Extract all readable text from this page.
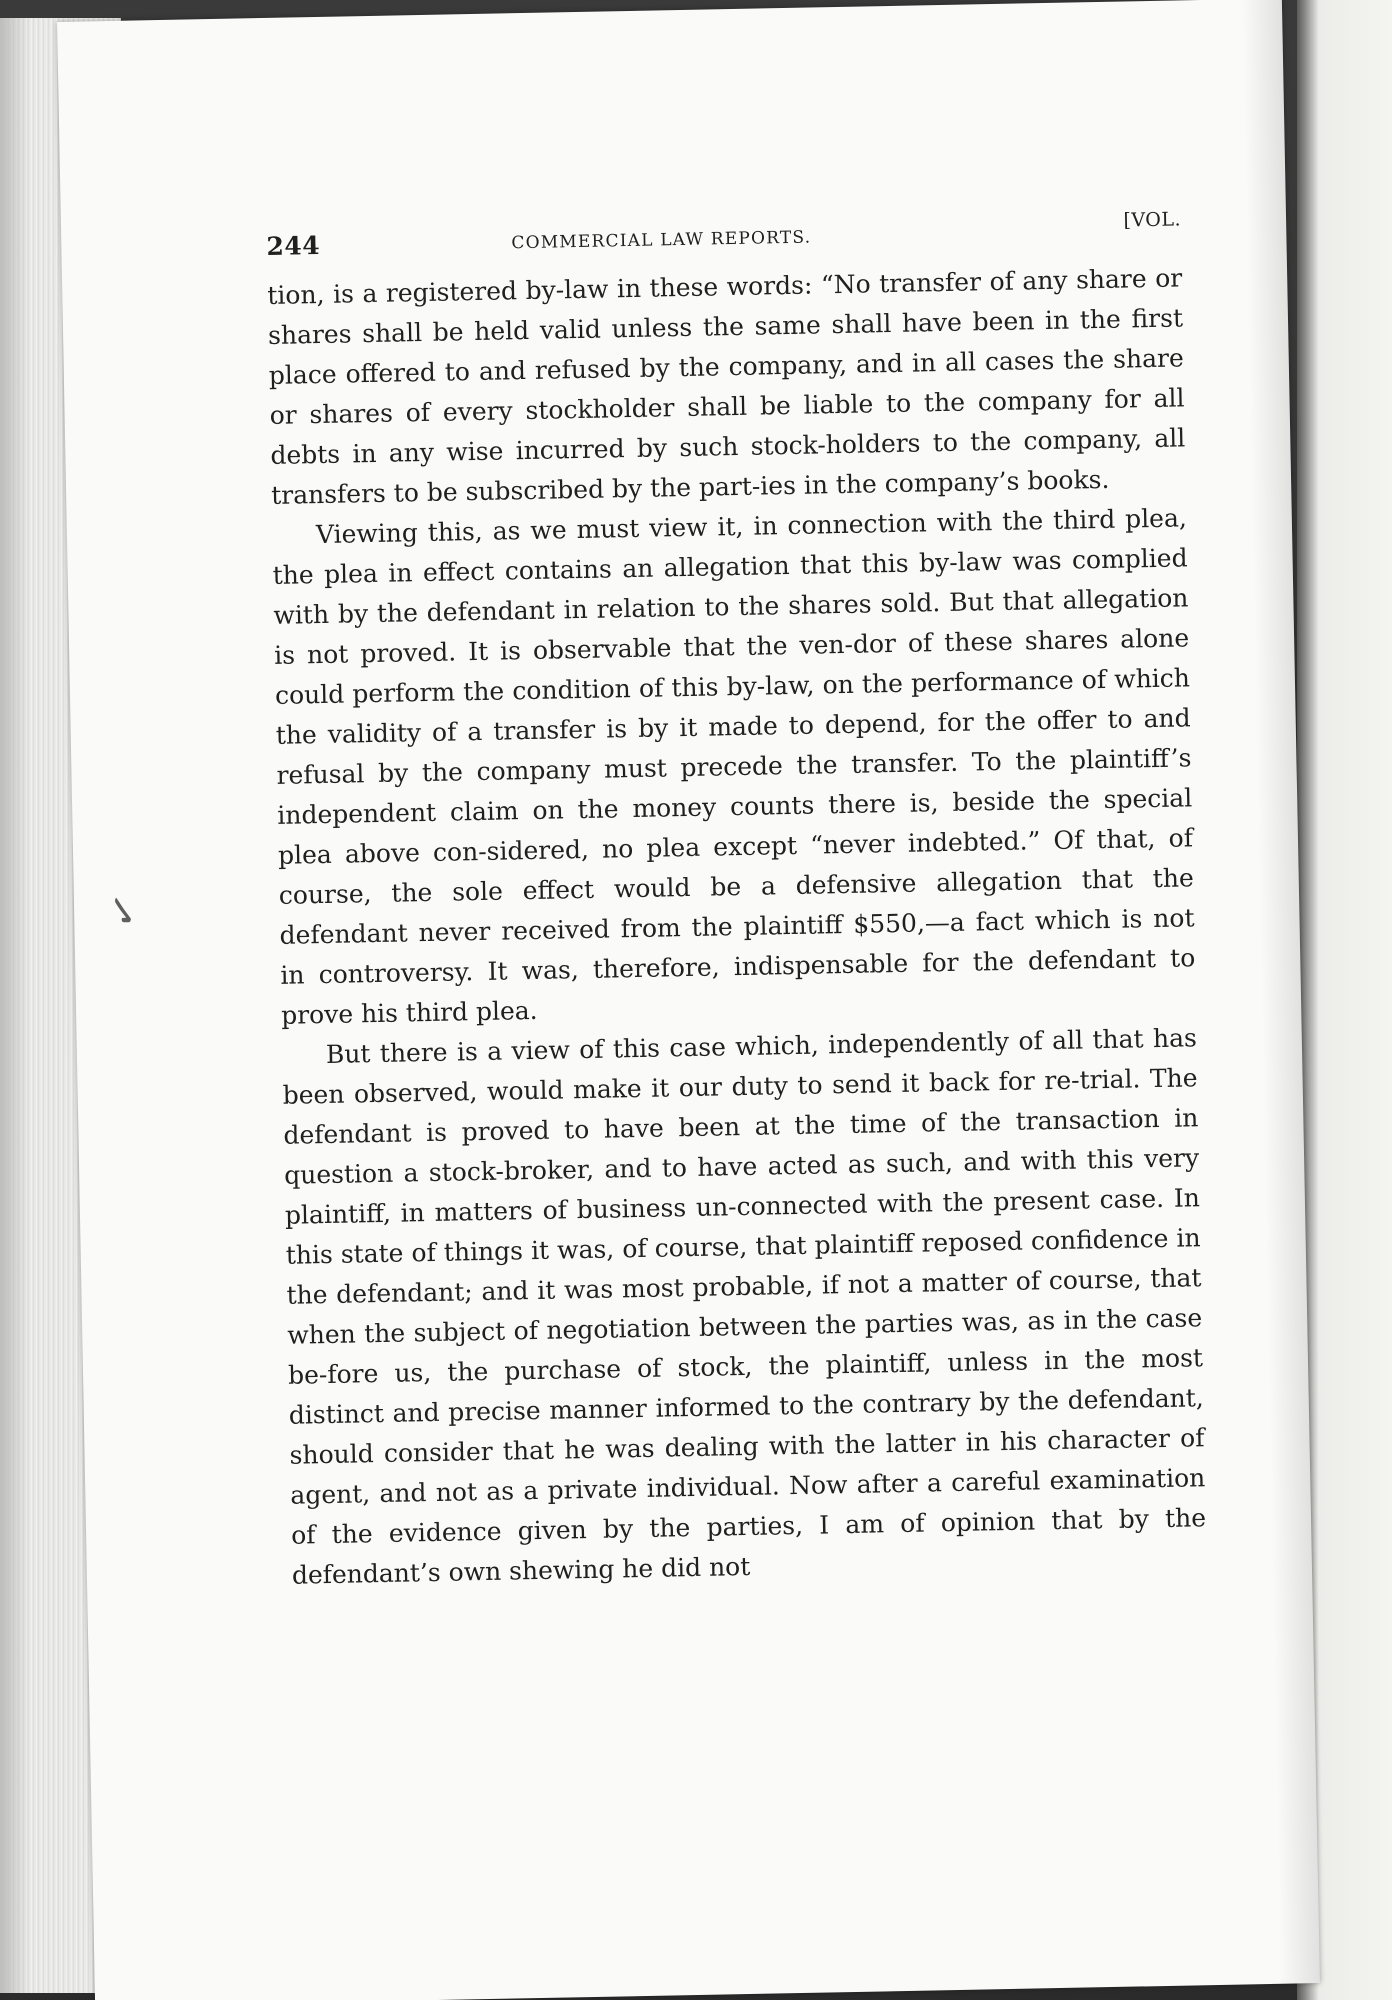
✓
244	COMMERCIAL LAW REPORTS.
[VOL.

tion, is a registered by-law in these words: “No transfer of any share or shares shall be held valid unless the same shall have been in the first place offered to and refused by the company, and in all cases the share or shares of every stockholder shall be liable to the company for all debts in any wise incurred by such stock-holders to the company, all transfers to be subscribed by the part-ies in the company’s books.

Viewing this, as we must view it, in connection with the third plea, the plea in effect contains an allegation that this by-law was complied with by the defendant in relation to the shares sold. But that allegation is not proved. It is observable that the ven-dor of these shares alone could perform the condition of this by-law, on the performance of which the validity of a transfer is by it made to depend, for the offer to and refusal by the company must precede the transfer. To the plaintiff’s independent claim on the money counts there is, beside the special plea above con-sidered, no plea except “never indebted.” Of that, of course, the sole effect would be a defensive allegation that the defendant never received from the plaintiff $550,—a fact which is not in controversy. It was, therefore, indispensable for the defendant to prove his third plea.

But there is a view of this case which, independently of all that has been observed, would make it our duty to send it back for re-trial. The defendant is proved to have been at the time of the transaction in question a stock-broker, and to have acted as such, and with this very plaintiff, in matters of business un-connected with the present case. In this state of things it was, of course, that plaintiff reposed confidence in the defendant; and it was most probable, if not a matter of course, that when the subject of negotiation between the parties was, as in the case be-fore us, the purchase of stock, the plaintiff, unless in the most distinct and precise manner informed to the contrary by the defendant, should consider that he was dealing with the latter in his character of agent, and not as a private individual. Now after a careful examination of the evidence given by the parties, I am of opinion that by the defendant’s own shewing he did not
